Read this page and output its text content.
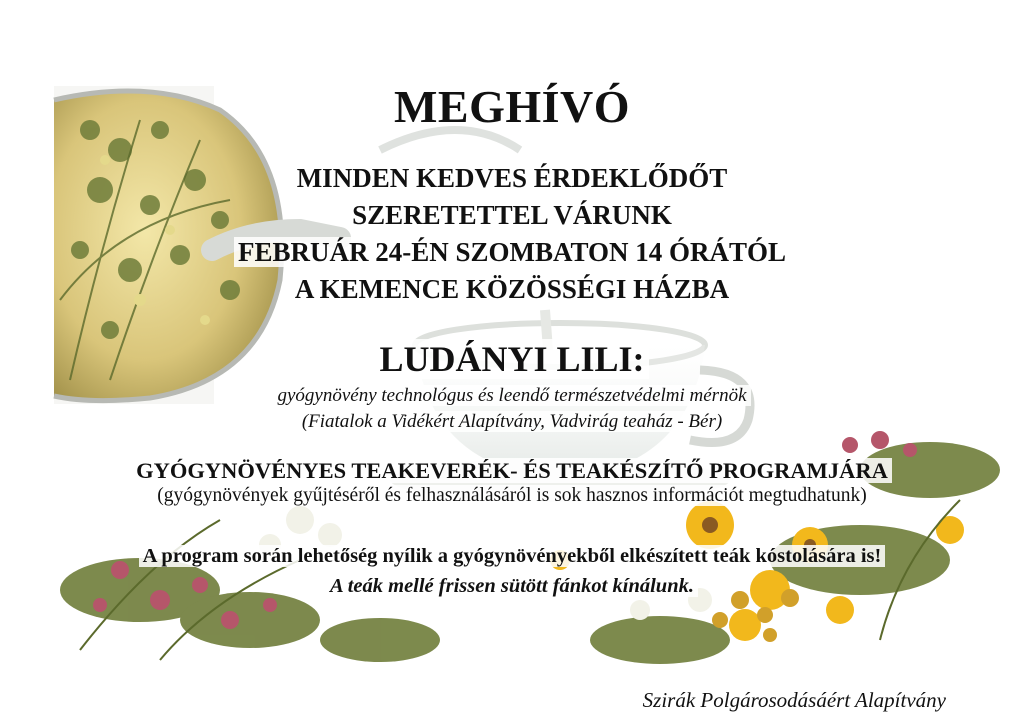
MEGHÍVÓ
MINDEN KEDVES ÉRDEKLŐDŐT
SZERETETTEL VÁRUNK
FEBRUÁR 24-ÉN SZOMBATON 14 ÓRÁTÓL
A KEMENCE KÖZÖSSÉGI HÁZBA
LUDÁNYI LILI:
gyógynövény technológus és leendő természetvédelmi mérnök
(Fiatalok a Vidékért Alapítvány, Vadvirág teaház - Bér)
GYÓGYNÖVÉNYES TEAKEVERÉK- ÉS TEAKÉSZÍTŐ PROGRAMJÁRA
(gyógynövények gyűjtéséről és felhasználásáról is sok hasznos információt megtudhatunk)
A program során lehetőség nyílik a gyógynövényekből elkészített teák kóstolására is!
A teák mellé frissen sütött fánkot kínálunk.
Szirák Polgárosodásáért Alapítvány
